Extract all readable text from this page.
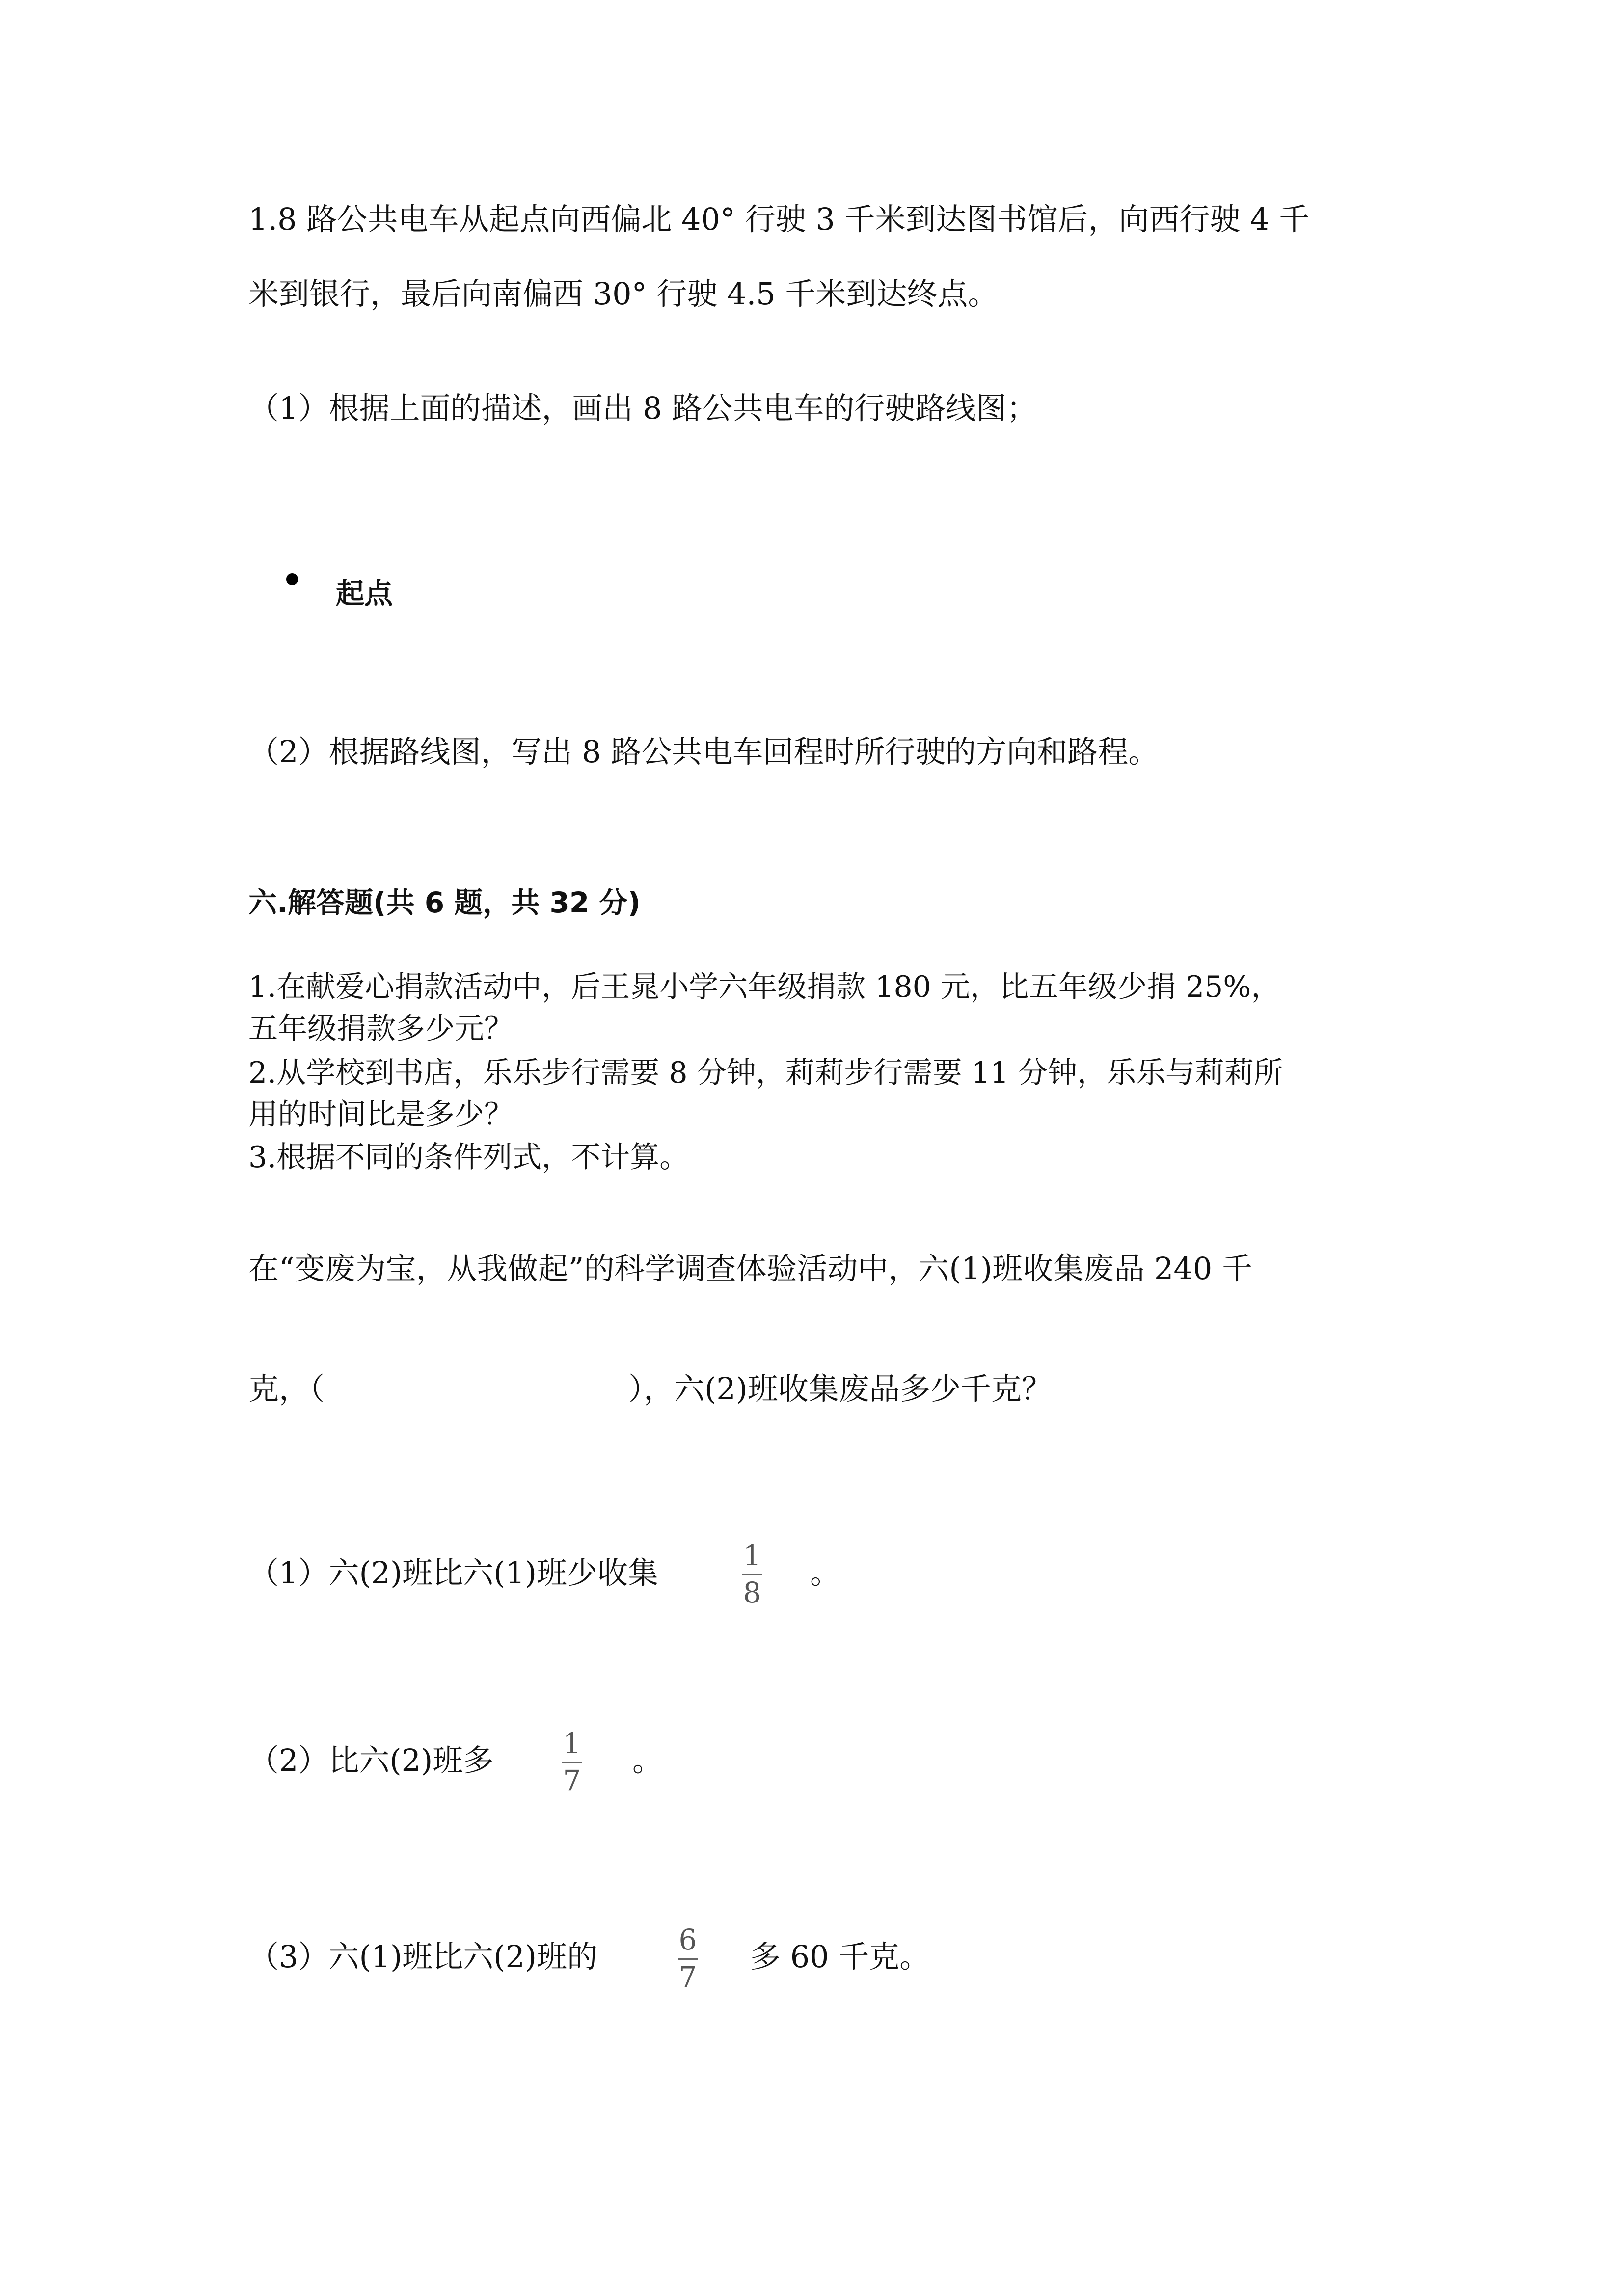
1.8 路公共电车从起点向西偏北 40° 行驶 3 千米到达图书馆后，向西行驶 4 千
米到银行，最后向南偏西 30° 行驶 4.5 千米到达终点。
（1）根据上面的描述，画出 8 路公共电车的行驶路线图；
起点
（2）根据路线图，写出 8 路公共电车回程时所行驶的方向和路程。
六.解答题(共 6 题，共 32 分)
1.在献爱心捐款活动中，后王晁小学六年级捐款 180 元，比五年级少捐 25%，
五年级捐款多少元？
2.从学校到书店，乐乐步行需要 8 分钟，莉莉步行需要 11 分钟，乐乐与莉莉所
用的时间比是多少？
3.根据不同的条件列式，不计算。
在“变废为宝，从我做起”的科学调查体验活动中，六(1)班收集废品 240 千
克，（	），六(2)班收集废品多少千克？
（1）六(2)班比六(1)班少收集	1
8
。
（2）比六(2)班多 1
7
。
（3）六(1)班比六(2)班的	6
7
多 60 千克。
